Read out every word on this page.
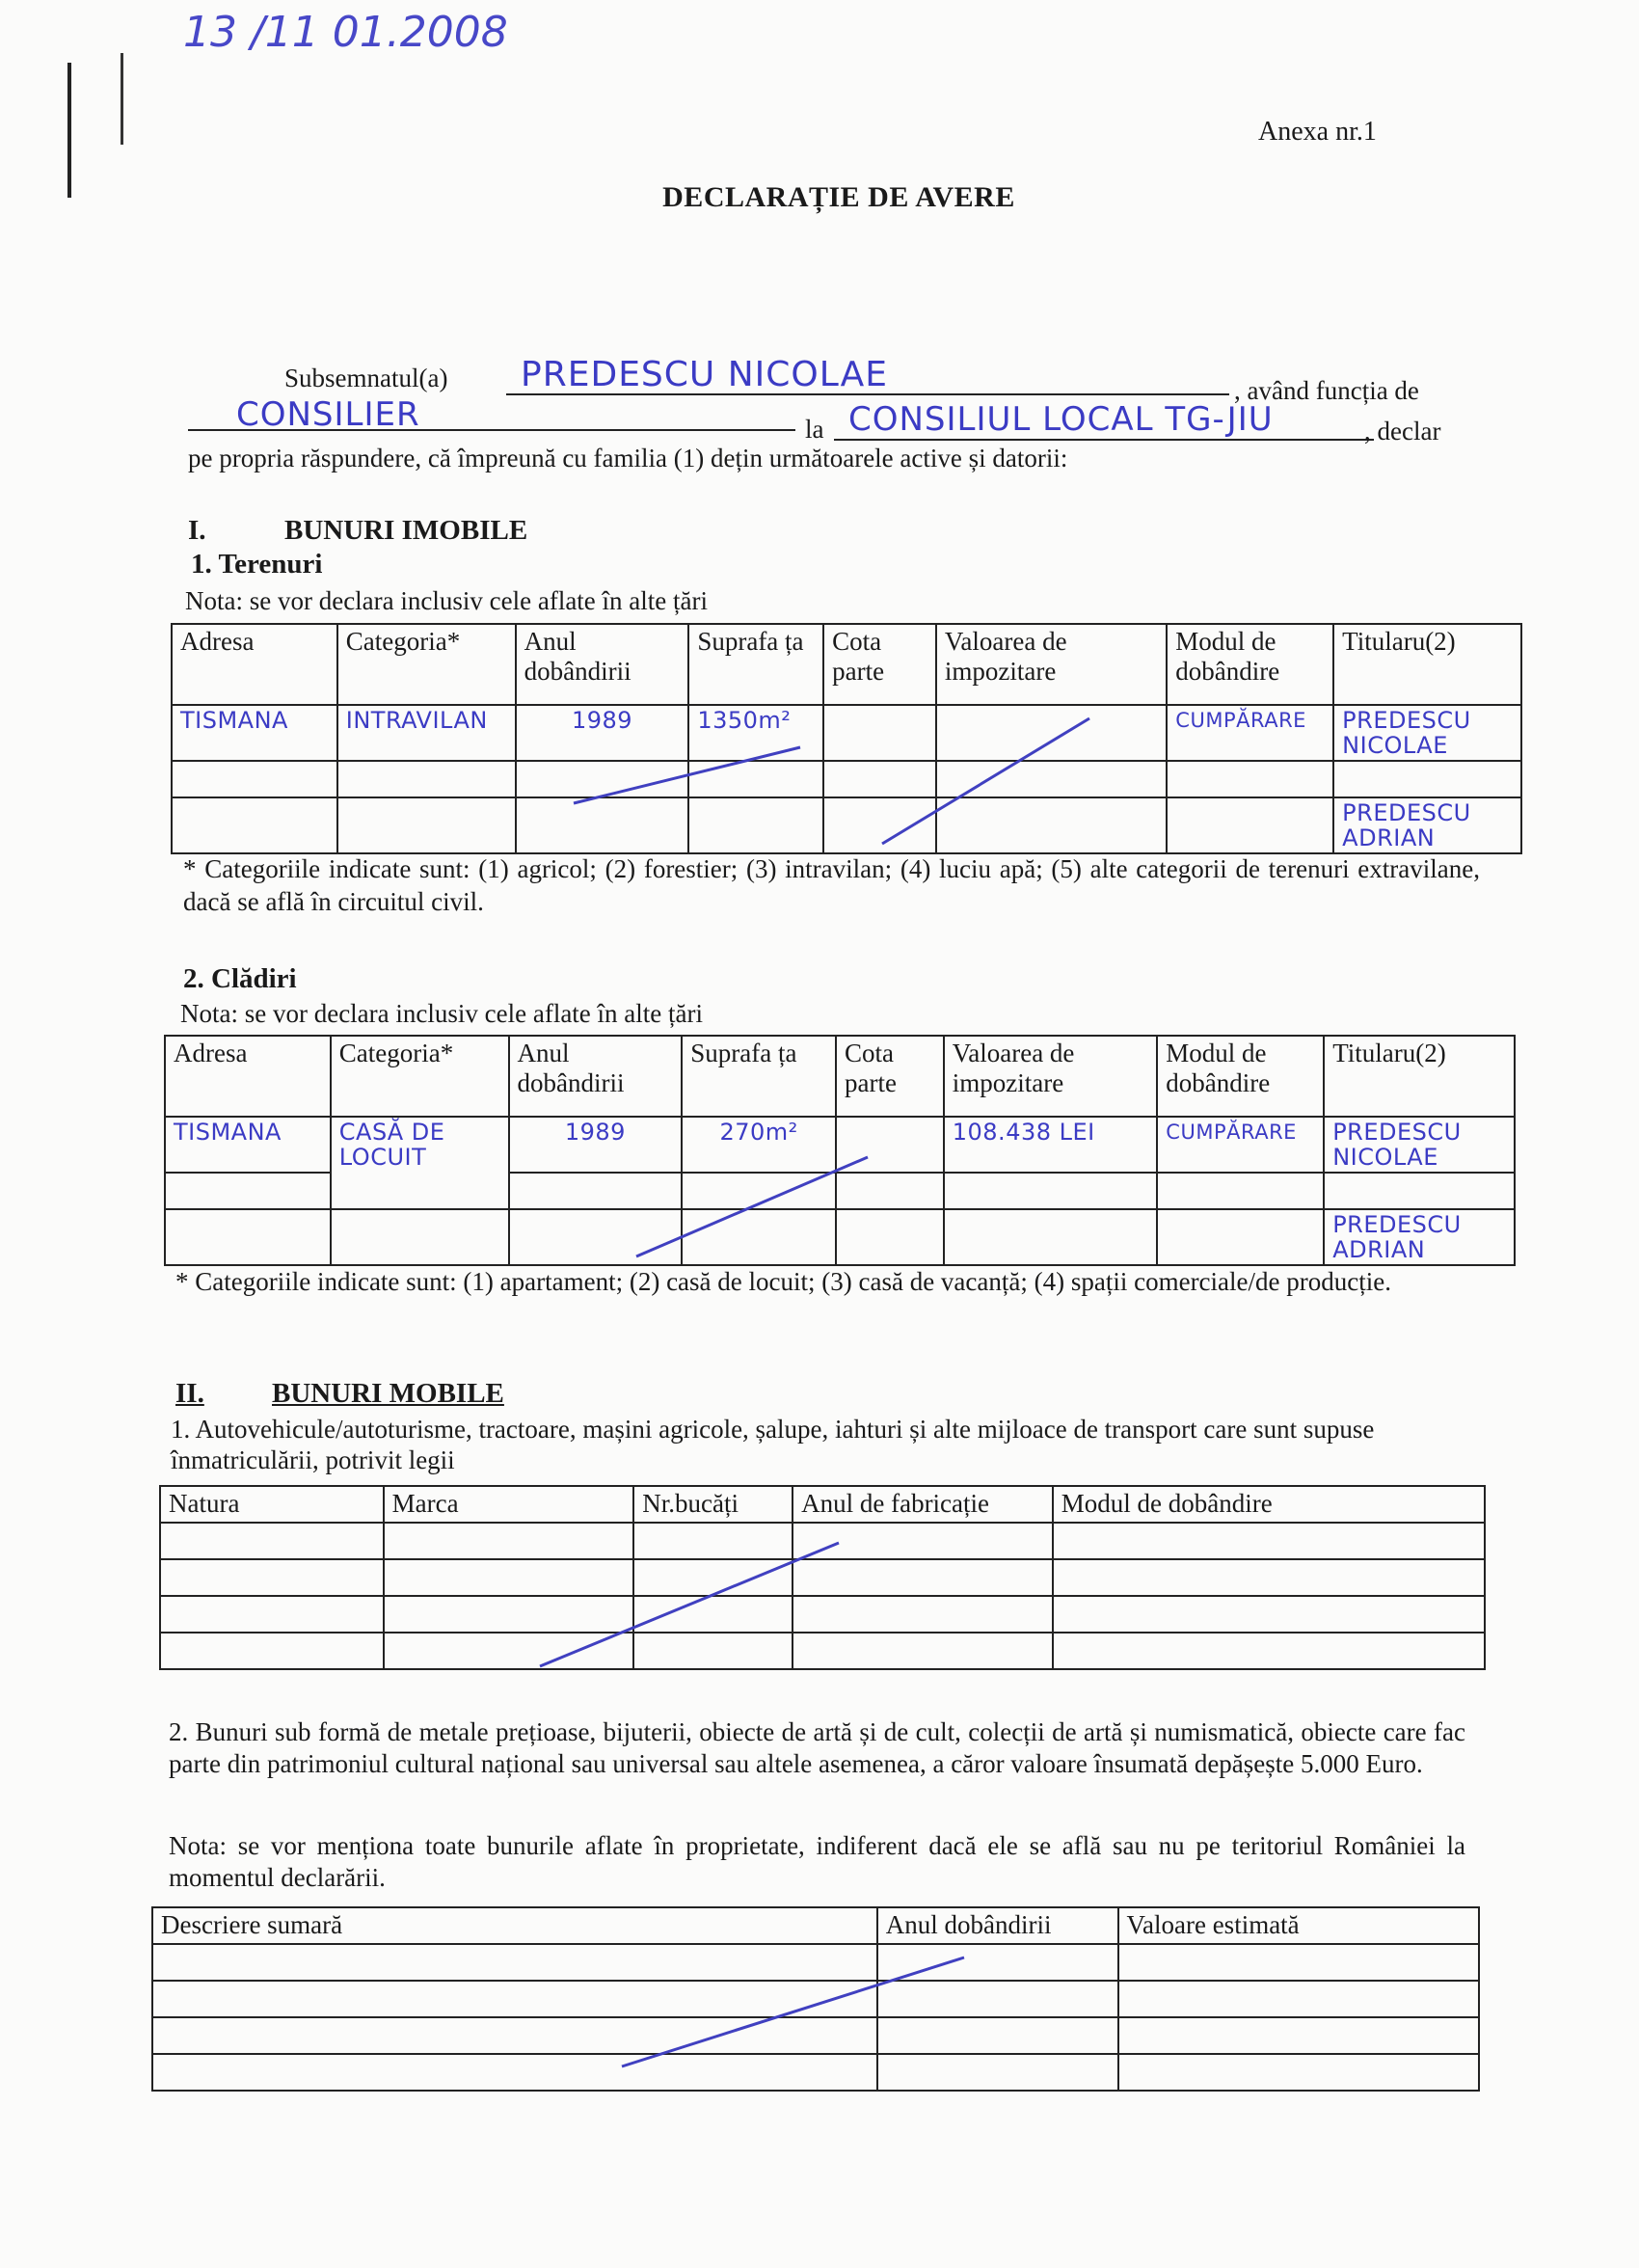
13 /11 01.2008
Anexa nr.1
DECLARAȚIE DE AVERE
Subsemnatul(a) PREDESCU NICOLAE	, având funcția de
CONSILIER	la CONSILIUL LOCAL TG-JIU	, declar
pe propria răspundere, că împreună cu familia (1) dețin următoarele active și datorii:
I.	BUNURI IMOBILE
1. Terenuri
Nota: se vor declara inclusiv cele aflate în alte țări
Adresa	Categoria*	Anul dobândirii	Suprafa ța	Cota parte	Valoarea de impozitare	Modul de dobândire	Titularu(2)
TISMANA	INTRAVILAN	1989	1350m²			CUMPĂRARE	PREDESCU NICOLAE

							PREDESCU ADRIAN
* Categoriile indicate sunt: (1) agricol; (2) forestier; (3) intravilan; (4) luciu apă; (5) alte categorii de terenuri extravilane, dacă se află în circuitul civil.
2. Clădiri
Nota: se vor declara inclusiv cele aflate în alte țări
Adresa	Categoria*	Anul dobândirii	Suprafa ța	Cota parte	Valoarea de impozitare	Modul de dobândire	Titularu(2)
TISMANA	CASĂ DE LOCUIT	1989	270m²		108.438 LEI	CUMPĂRARE	PREDESCU NICOLAE

							PREDESCU ADRIAN
* Categoriile indicate sunt: (1) apartament; (2) casă de locuit; (3) casă de vacanță; (4) spații comerciale/de producție.
II. BUNURI MOBILE
1. Autovehicule/autoturisme, tractoare, mașini agricole, șalupe, iahturi și alte mijloace de transport care sunt supuse înmatriculării, potrivit legii
Natura	Marca	Nr.bucăți	Anul de fabricație	Modul de dobândire

2. Bunuri sub formă de metale prețioase, bijuterii, obiecte de artă și de cult, colecții de artă și numismatică, obiecte care fac parte din patrimoniul cultural național sau universal sau altele asemenea, a căror valoare însumată depășește 5.000 Euro.
Nota: se vor menționa toate bunurile aflate în proprietate, indiferent dacă ele se află sau nu pe teritoriul României la momentul declarării.
Descriere sumară	Anul dobândirii	Valoare estimată
